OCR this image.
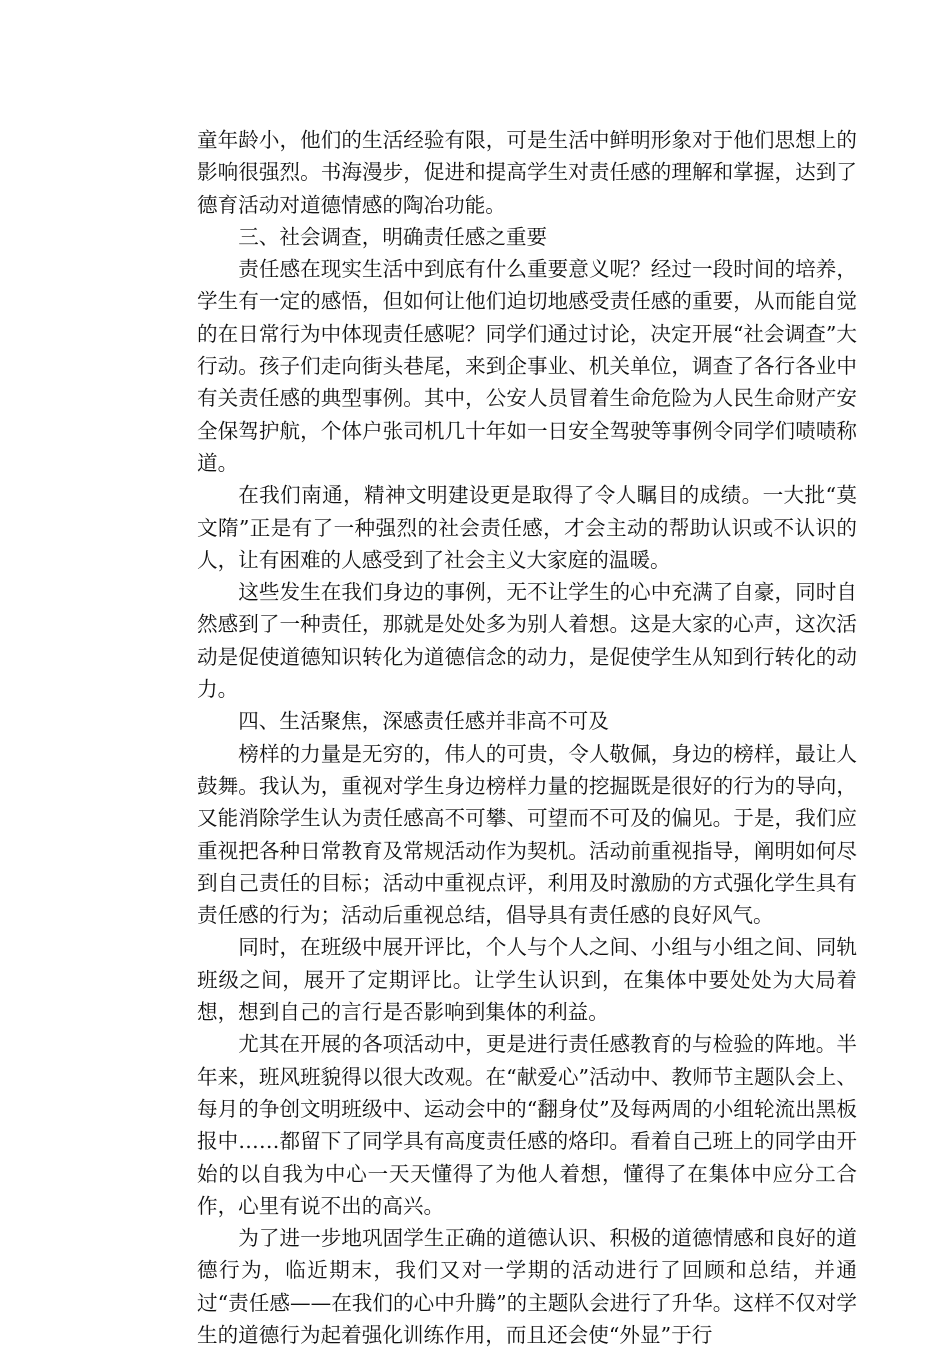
童年龄小，他们的生活经验有限，可是生活中鲜明形象对于他们思想上的影响很强烈。书海漫步，促进和提高学生对责任感的理解和掌握，达到了德育活动对道德情感的陶冶功能。

三、社会调查，明确责任感之重要

责任感在现实生活中到底有什么重要意义呢？经过一段时间的培养，学生有一定的感悟，但如何让他们迫切地感受责任感的重要，从而能自觉的在日常行为中体现责任感呢？同学们通过讨论，决定开展“社会调查”大行动。孩子们走向街头巷尾，来到企事业、机关单位，调查了各行各业中有关责任感的典型事例。其中，公安人员冒着生命危险为人民生命财产安全保驾护航，个体户张司机几十年如一日安全驾驶等事例令同学们啧啧称道。

在我们南通，精神文明建设更是取得了令人瞩目的成绩。一大批“莫文隋”正是有了一种强烈的社会责任感，才会主动的帮助认识或不认识的人，让有困难的人感受到了社会主义大家庭的温暖。

这些发生在我们身边的事例，无不让学生的心中充满了自豪，同时自然感到了一种责任，那就是处处多为别人着想。这是大家的心声，这次活动是促使道德知识转化为道德信念的动力，是促使学生从知到行转化的动力。

四、生活聚焦，深感责任感并非高不可及

榜样的力量是无穷的，伟人的可贵，令人敬佩，身边的榜样，最让人鼓舞。我认为，重视对学生身边榜样力量的挖掘既是很好的行为的导向，又能消除学生认为责任感高不可攀、可望而不可及的偏见。于是，我们应重视把各种日常教育及常规活动作为契机。活动前重视指导，阐明如何尽到自己责任的目标；活动中重视点评，利用及时激励的方式强化学生具有责任感的行为；活动后重视总结，倡导具有责任感的良好风气。

同时，在班级中展开评比，个人与个人之间、小组与小组之间、同轨班级之间，展开了定期评比。让学生认识到，在集体中要处处为大局着想，想到自己的言行是否影响到集体的利益。

尤其在开展的各项活动中，更是进行责任感教育的与检验的阵地。半年来，班风班貌得以很大改观。在“献爱心”活动中、教师节主题队会上、每月的争创文明班级中、运动会中的“翻身仗”及每两周的小组轮流出黑板报中……都留下了同学具有高度责任感的烙印。看着自己班上的同学由开始的以自我为中心一天天懂得了为他人着想，懂得了在集体中应分工合作，心里有说不出的高兴。

为了进一步地巩固学生正确的道德认识、积极的道德情感和良好的道德行为，临近期末，我们又对一学期的活动进行了回顾和总结，并通过“责任感——在我们的心中升腾”的主题队会进行了升华。这样不仅对学生的道德行为起着强化训练作用，而且还会使“外显”于行
